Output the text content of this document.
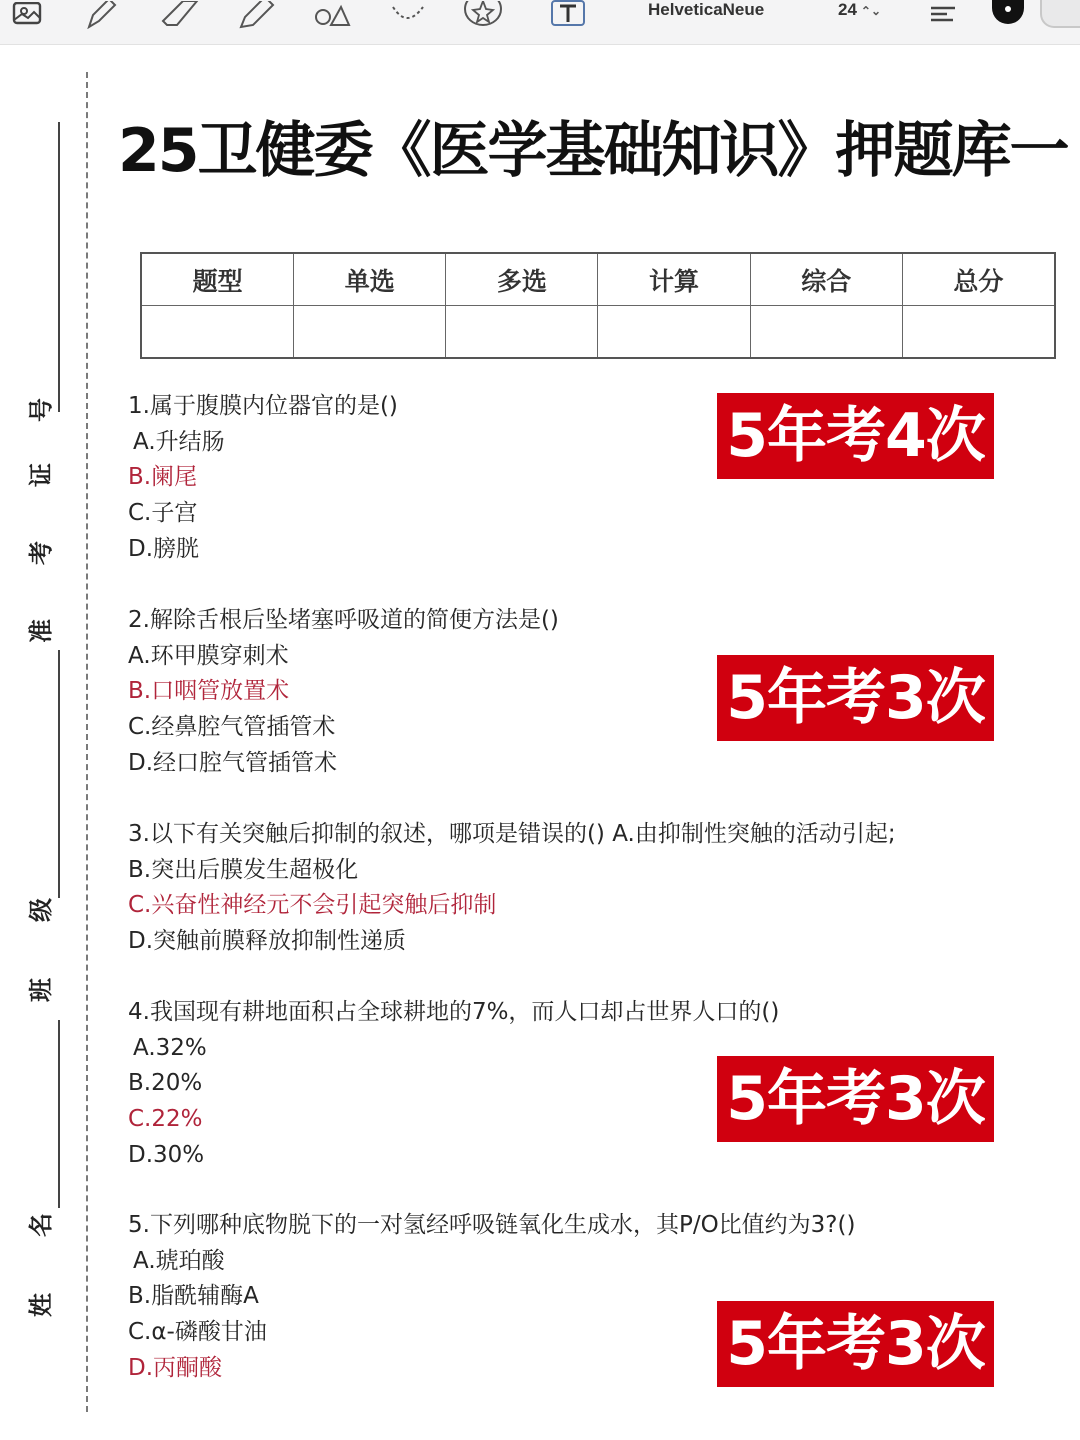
HelveticaNeue	24 ⌃⌄
号
证
考
准
级
班
名
姓
25卫健委《医学基础知识》押题库一
题型	单选	多选	计算	综合	总分

1.属于腹膜内位器官的是()
A.升结肠
B.阑尾
C.子宫
D.膀胱
5年考4次
2.解除舌根后坠堵塞呼吸道的简便方法是()
A.环甲膜穿刺术
B.口咽管放置术
C.经鼻腔气管插管术
D.经口腔气管插管术
5年考3次
3.以下有关突触后抑制的叙述，哪项是错误的() A.由抑制性突触的活动引起;
B.突出后膜发生超极化
C.兴奋性神经元不会引起突触后抑制
D.突触前膜释放抑制性递质
4.我国现有耕地面积占全球耕地的7%，而人口却占世界人口的()
A.32%
B.20%
C.22%
D.30%
5年考3次
5.下列哪种底物脱下的一对氢经呼吸链氧化生成水，其P/O比值约为3?()
A.琥珀酸
B.脂酰辅酶A
C.α-磷酸甘油
D.丙酮酸	5年考3次
